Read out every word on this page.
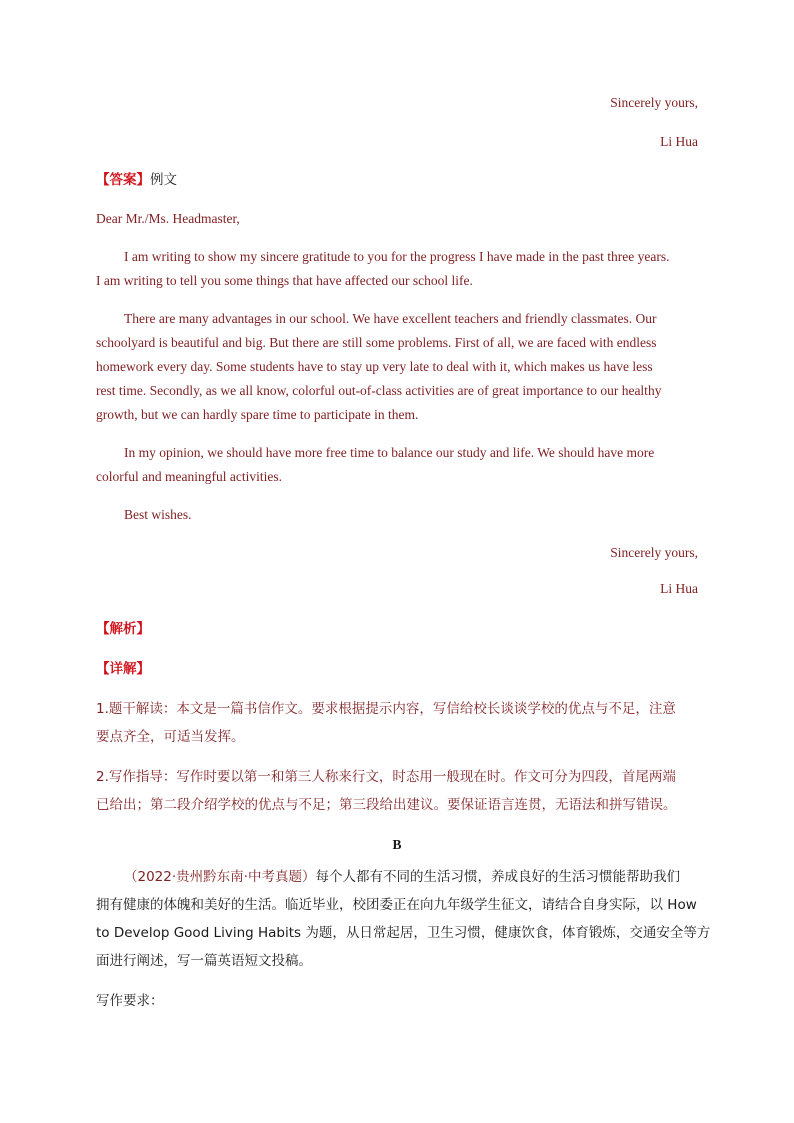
Sincerely yours,
Li Hua
【答案】例文
Dear Mr./Ms. Headmaster,
I am writing to show my sincere gratitude to you for the progress I have made in the past three years.
I am writing to tell you some things that have affected our school life.
There are many advantages in our school. We have excellent teachers and friendly classmates. Our
schoolyard is beautiful and big. But there are still some problems. First of all, we are faced with endless
homework every day. Some students have to stay up very late to deal with it, which makes us have less
rest time. Secondly, as we all know, colorful out-of-class activities are of great importance to our healthy
growth, but we can hardly spare time to participate in them.
In my opinion, we should have more free time to balance our study and life. We should have more
colorful and meaningful activities.
Best wishes.
Sincerely yours,
Li Hua
【解析】
【详解】
1.题干解读：本文是一篇书信作文。要求根据提示内容，写信给校长谈谈学校的优点与不足，注意
要点齐全，可适当发挥。
2.写作指导：写作时要以第一和第三人称来行文，时态用一般现在时。作文可分为四段，首尾两端
已给出；第二段介绍学校的优点与不足；第三段给出建议。要保证语言连贯，无语法和拼写错误。
B
（2022·贵州黔东南·中考真题）每个人都有不同的生活习惯，养成良好的生活习惯能帮助我们
拥有健康的体魄和美好的生活。临近毕业，校团委正在向九年级学生征文，请结合自身实际，以 How
to Develop Good Living Habits 为题，从日常起居，卫生习惯，健康饮食，体育锻炼，交通安全等方
面进行阐述，写一篇英语短文投稿。
写作要求：
